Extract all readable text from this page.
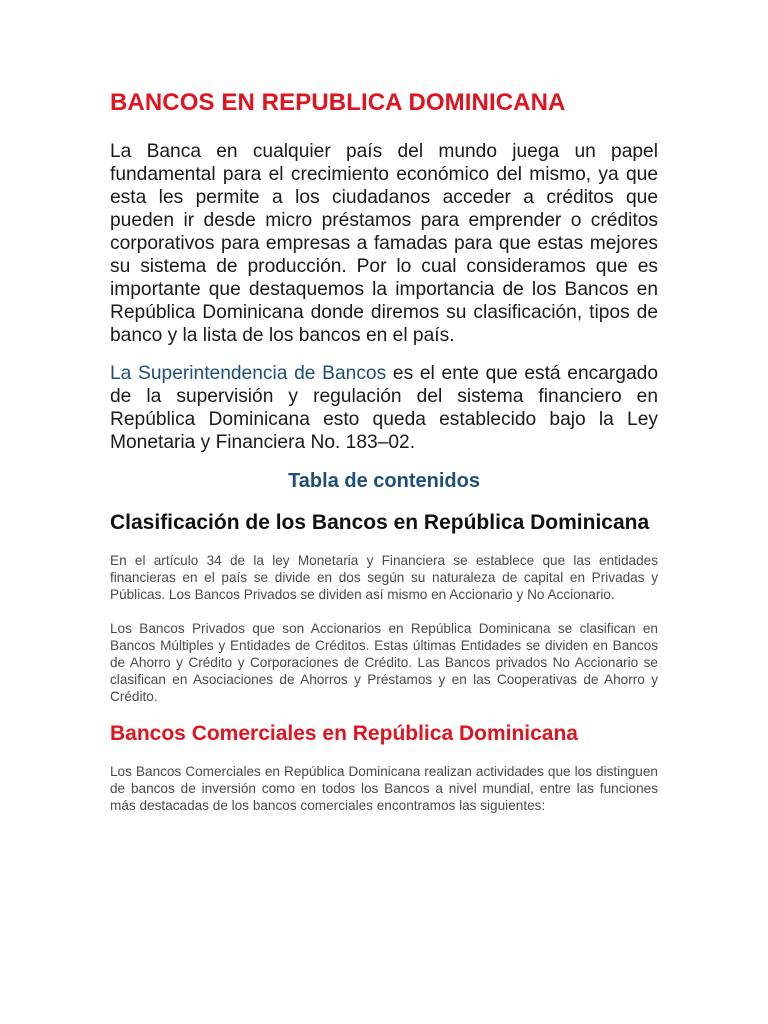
BANCOS EN REPUBLICA DOMINICANA

La Banca en cualquier país del mundo juega un papel fundamental para el crecimiento económico del mismo, ya que esta les permite a los ciudadanos acceder a créditos que pueden ir desde micro préstamos para emprender o créditos corporativos para empresas a famadas para que estas mejores su sistema de producción. Por lo cual consideramos que es importante que destaquemos la importancia de los Bancos en República Dominicana donde diremos su clasificación, tipos de banco y la lista de los bancos en el país.

La Superintendencia de Bancos es el ente que está encargado de la supervisión y regulación del sistema financiero en República Dominicana esto queda establecido bajo la Ley Monetaria y Financiera No. 183–02.

Tabla de contenidos
Clasificación de los Bancos en República Dominicana

En el artículo 34 de la ley Monetaria y Financiera se establece que las entidades financieras en el país se divide en dos según su naturaleza de capital en Privadas y Públicas. Los Bancos Privados se dividen así mismo en Accionario y No Accionario.

Los Bancos Privados que son Accionarios en República Dominicana se clasifican en Bancos Múltiples y Entidades de Créditos. Estas últimas Entidades se dividen en Bancos de Ahorro y Crédito y Corporaciones de Crédito. Las Bancos privados No Accionario se clasifican en Asociaciones de Ahorros y Préstamos y en las Cooperativas de Ahorro y Crédito.

Bancos Comerciales en República Dominicana

Los Bancos Comerciales en República Dominicana realizan actividades que los distinguen de bancos de inversión como en todos los Bancos a nivel mundial, entre las funciones más destacadas de los bancos comerciales encontramos las siguientes:
